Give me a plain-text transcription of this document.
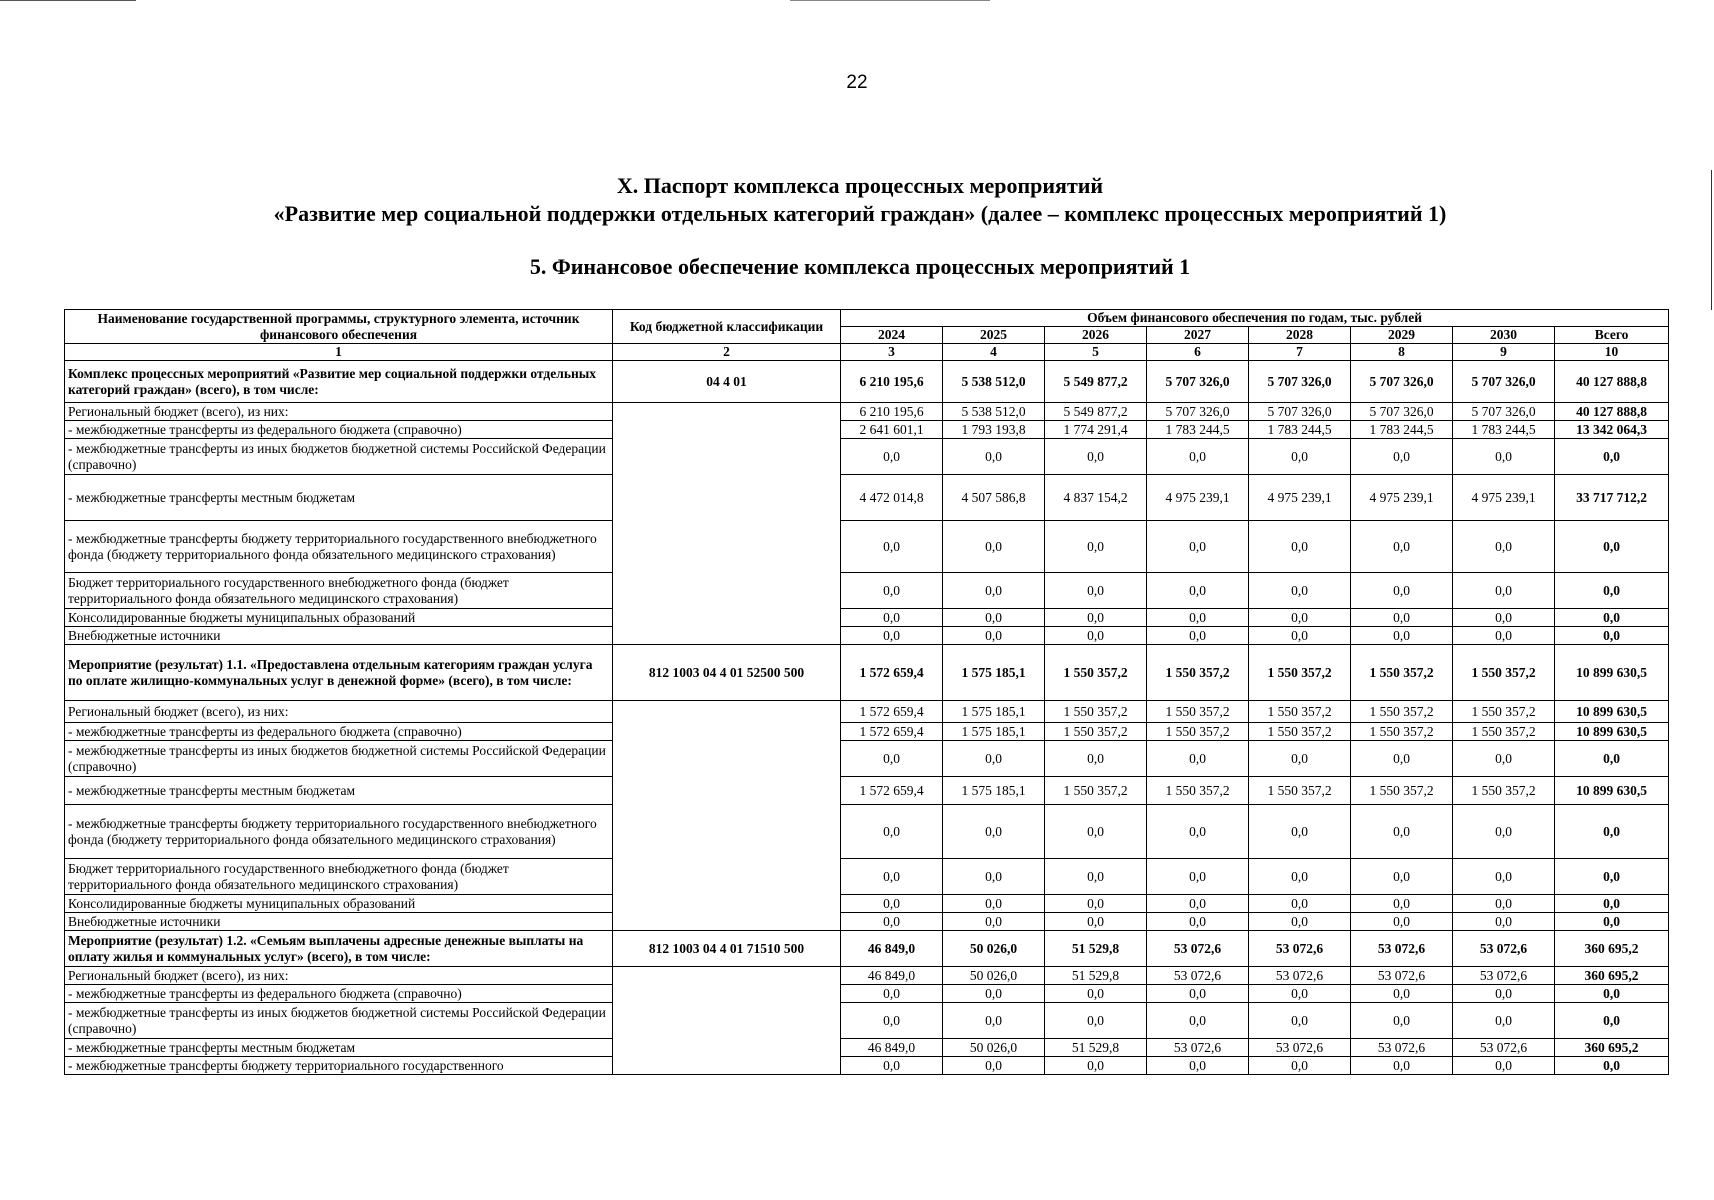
22
X. Паспорт комплекса процессных мероприятий
«Развитие мер социальной поддержки отдельных категорий граждан» (далее – комплекс процессных мероприятий 1)
5. Финансовое обеспечение комплекса процессных мероприятий 1
Наименование государственной программы, структурного элемента, источник финансового обеспечения	Код бюджетной классификации	Объем финансового обеспечения по годам, тыс. рублей							
		2024	2025	2026	2027	2028	2029	2030	Всего
1	2	3	4	5	6	7	8	9	10
Комплекс процессных мероприятий «Развитие мер социальной поддержки отдельных категорий граждан» (всего), в том числе:	04 4 01	6 210 195,6	5 538 512,0	5 549 877,2	5 707 326,0	5 707 326,0	5 707 326,0	5 707 326,0	40 127 888,8
Региональный бюджет (всего), из них:		6 210 195,6	5 538 512,0	5 549 877,2	5 707 326,0	5 707 326,0	5 707 326,0	5 707 326,0	40 127 888,8
- межбюджетные трансферты из федерального бюджета (справочно)		2 641 601,1	1 793 193,8	1 774 291,4	1 783 244,5	1 783 244,5	1 783 244,5	1 783 244,5	13 342 064,3
- межбюджетные трансферты из иных бюджетов бюджетной системы Российской Федерации (справочно)		0,0	0,0	0,0	0,0	0,0	0,0	0,0	0,0
- межбюджетные трансферты местным бюджетам		4 472 014,8	4 507 586,8	4 837 154,2	4 975 239,1	4 975 239,1	4 975 239,1	4 975 239,1	33 717 712,2
- межбюджетные трансферты бюджету территориального государственного внебюджетного фонда (бюджету территориального фонда обязательного медицинского страхования)		0,0	0,0	0,0	0,0	0,0	0,0	0,0	0,0
Бюджет территориального государственного внебюджетного фонда (бюджет территориального фонда обязательного медицинского страхования)		0,0	0,0	0,0	0,0	0,0	0,0	0,0	0,0
Консолидированные бюджеты муниципальных образований		0,0	0,0	0,0	0,0	0,0	0,0	0,0	0,0
Внебюджетные источники		0,0	0,0	0,0	0,0	0,0	0,0	0,0	0,0
Мероприятие (результат) 1.1. «Предоставлена отдельным категориям граждан услуга по оплате жилищно-коммунальных услуг в денежной форме» (всего), в том числе:	812 1003 04 4 01 52500 500	1 572 659,4	1 575 185,1	1 550 357,2	1 550 357,2	1 550 357,2	1 550 357,2	1 550 357,2	10 899 630,5
Региональный бюджет (всего), из них:		1 572 659,4	1 575 185,1	1 550 357,2	1 550 357,2	1 550 357,2	1 550 357,2	1 550 357,2	10 899 630,5
- межбюджетные трансферты из федерального бюджета (справочно)		1 572 659,4	1 575 185,1	1 550 357,2	1 550 357,2	1 550 357,2	1 550 357,2	1 550 357,2	10 899 630,5
- межбюджетные трансферты из иных бюджетов бюджетной системы Российской Федерации (справочно)		0,0	0,0	0,0	0,0	0,0	0,0	0,0	0,0
- межбюджетные трансферты местным бюджетам		1 572 659,4	1 575 185,1	1 550 357,2	1 550 357,2	1 550 357,2	1 550 357,2	1 550 357,2	10 899 630,5
- межбюджетные трансферты бюджету территориального государственного внебюджетного фонда (бюджету территориального фонда обязательного медицинского страхования)		0,0	0,0	0,0	0,0	0,0	0,0	0,0	0,0
Бюджет территориального государственного внебюджетного фонда (бюджет территориального фонда обязательного медицинского страхования)		0,0	0,0	0,0	0,0	0,0	0,0	0,0	0,0
Консолидированные бюджеты муниципальных образований		0,0	0,0	0,0	0,0	0,0	0,0	0,0	0,0
Внебюджетные источники		0,0	0,0	0,0	0,0	0,0	0,0	0,0	0,0
Мероприятие (результат) 1.2. «Семьям выплачены адресные денежные выплаты на оплату жилья и коммунальных услуг» (всего), в том числе:	812 1003 04 4 01 71510 500	46 849,0	50 026,0	51 529,8	53 072,6	53 072,6	53 072,6	53 072,6	360 695,2
Региональный бюджет (всего), из них:		46 849,0	50 026,0	51 529,8	53 072,6	53 072,6	53 072,6	53 072,6	360 695,2
- межбюджетные трансферты из федерального бюджета (справочно)		0,0	0,0	0,0	0,0	0,0	0,0	0,0	0,0
- межбюджетные трансферты из иных бюджетов бюджетной системы Российской Федерации (справочно)		0,0	0,0	0,0	0,0	0,0	0,0	0,0	0,0
- межбюджетные трансферты местным бюджетам		46 849,0	50 026,0	51 529,8	53 072,6	53 072,6	53 072,6	53 072,6	360 695,2
- межбюджетные трансферты бюджету территориального государственного		0,0	0,0	0,0	0,0	0,0	0,0	0,0	0,0
